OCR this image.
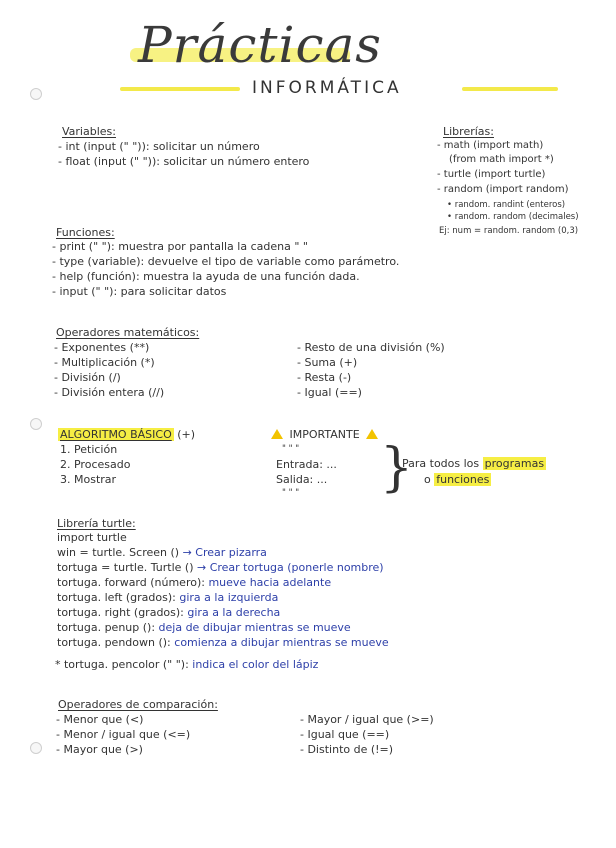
Prácticas
INFORMÁTICA
Variables:
- int (input (" ")): solicitar un número
- float (input (" ")): solicitar un número entero
Librerías:
- math (import math)
(from math import *)
- turtle (import turtle)
- random (import random)
• random. randint (enteros)
• random. random (decimales)
Ej: num = random. random (0,3)
Funciones:
- print (" "): muestra por pantalla la cadena " "
- type (variable): devuelve el tipo de variable como parámetro.
- help (función): muestra la ayuda de una función dada.
- input (" "): para solicitar datos
Operadores matemáticos:
- Exponentes (**)
- Multiplicación (*)
- División (/)
- División entera (//)
- Resto de una división (%)
- Suma (+)
- Resta (-)
- Igual (==)
ALGORITMO BÁSICO (+)
1. Petición
2. Procesado
3. Mostrar
IMPORTANTE
" " "
Entrada: ...
Salida: ...
" " " }
Para todos los programas
o funciones
Librería turtle:
import turtle
win = turtle. Screen () → Crear pizarra
tortuga = turtle. Turtle () → Crear tortuga (ponerle nombre)
tortuga. forward (número): mueve hacia adelante
tortuga. left (grados): gira a la izquierda
tortuga. right (grados): gira a la derecha
tortuga. penup (): deja de dibujar mientras se mueve
tortuga. pendown (): comienza a dibujar mientras se mueve
* tortuga. pencolor (" "): indica el color del lápiz
Operadores de comparación:
- Menor que (<)
- Menor / igual que (<=)
- Mayor que (>)
- Mayor / igual que (>=)
- Igual que (==)
- Distinto de (!=)
